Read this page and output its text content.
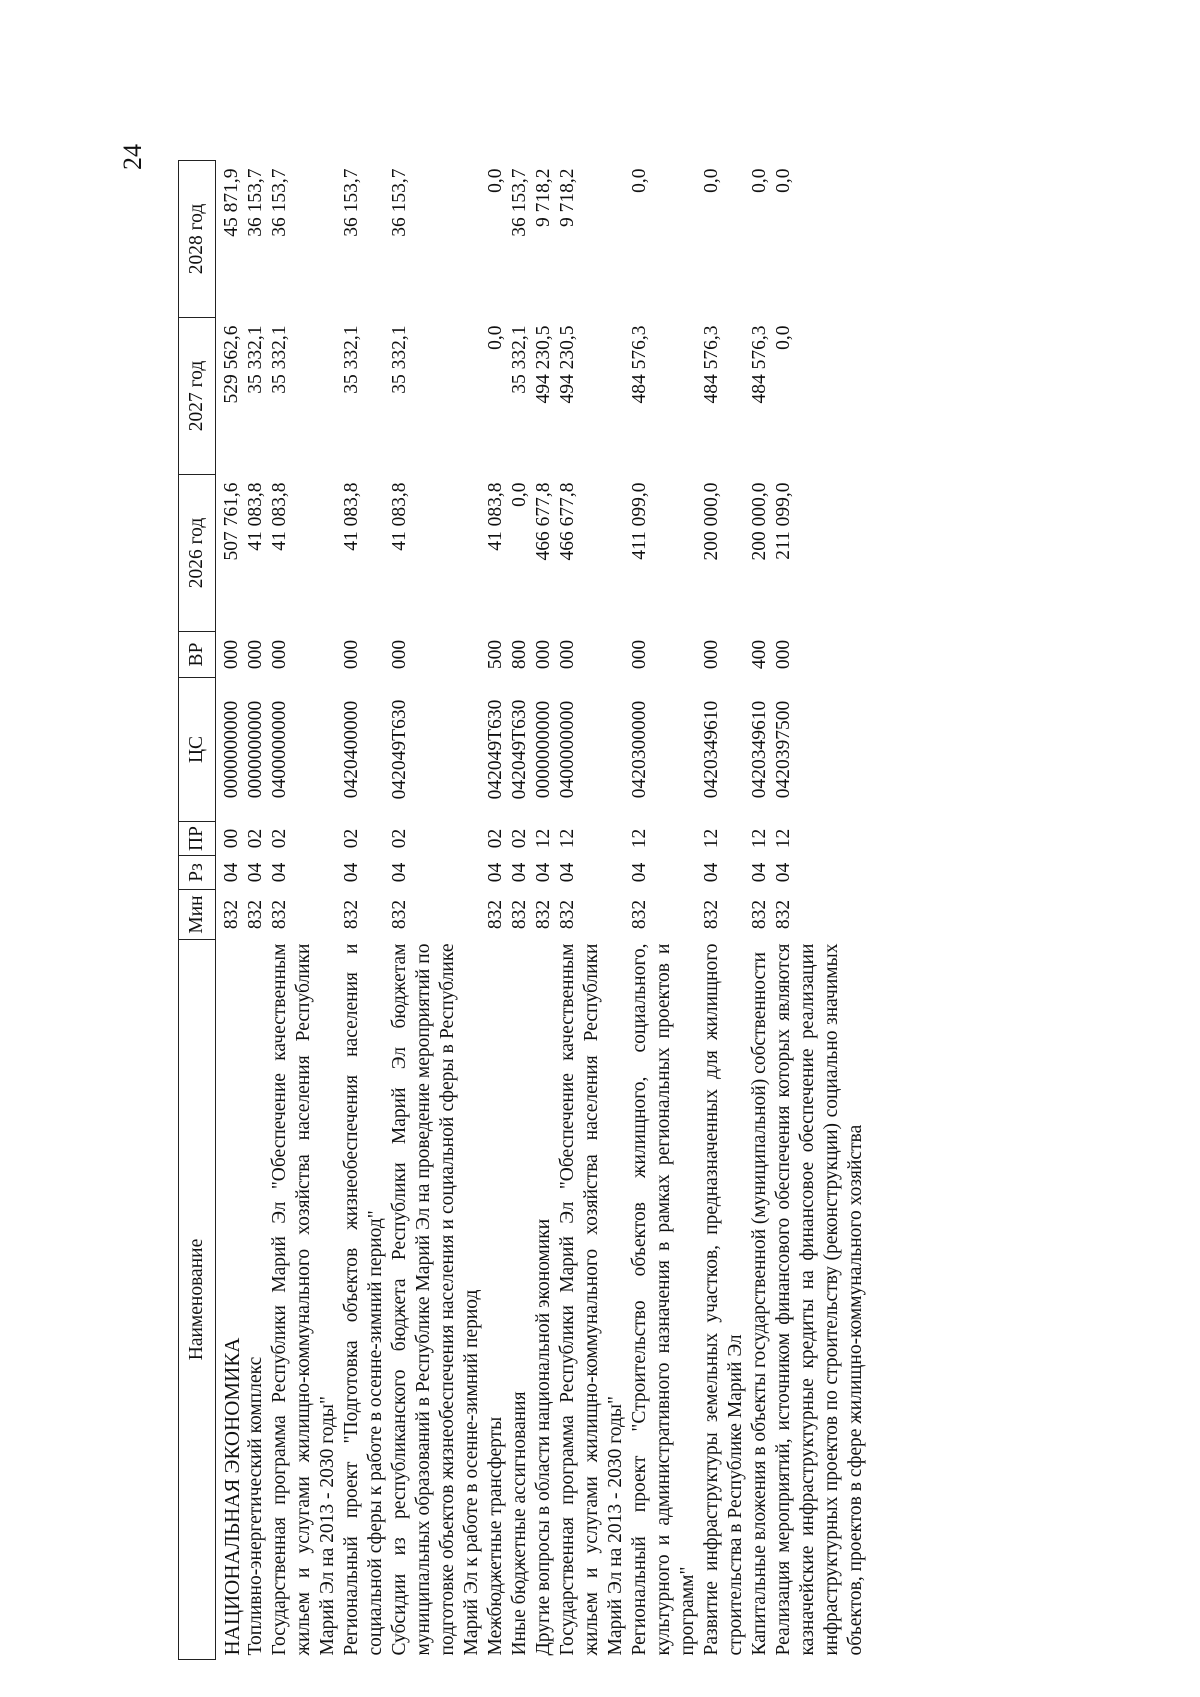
24
Наименование	Мин	Рз	ПР	ЦС	ВР	2026 год	2027 год	2028 год
НАЦИОНАЛЬНАЯ ЭКОНОМИКА	832	04	00	0000000000	000	507 761,6	529 562,6	45 871,9
Топливно-энергетический комплекс	832	04	02	0000000000	000	41 083,8	35 332,1	36 153,7
Государственная программа Республики Марий Эл "Обеспечение качественным жильем и услугами жилищно-коммунального хозяйства населения Республики Марий Эл на 2013 - 2030 годы"	832	04	02	0400000000	000	41 083,8	35 332,1	36 153,7
Региональный проект "Подготовка объектов жизнеобеспечения населения и социальной сферы к работе в осенне-зимний период"	832	04	02	0420400000	000	41 083,8	35 332,1	36 153,7
Субсидии из республиканского бюджета Республики Марий Эл бюджетам муниципальных образований в Республике Марий Эл на проведение мероприятий по подготовке объектов жизнеобеспечения населения и социальной сферы в Республике Марий Эл к работе в осенне-зимний период	832	04	02	042049Т630	000	41 083,8	35 332,1	36 153,7
Межбюджетные трансферты	832	04	02	042049Т630	500	41 083,8	0,0	0,0
Иные бюджетные ассигнования	832	04	02	042049Т630	800	0,0	35 332,1	36 153,7
Другие вопросы в области национальной экономики	832	04	12	0000000000	000	466 677,8	494 230,5	9 718,2
Государственная программа Республики Марий Эл "Обеспечение качественным жильем и услугами жилищно-коммунального хозяйства населения Республики Марий Эл на 2013 - 2030 годы"	832	04	12	0400000000	000	466 677,8	494 230,5	9 718,2
Региональный проект "Строительство объектов жилищного, социального, культурного и административного назначения в рамках региональных проектов и программ"	832	04	12	0420300000	000	411 099,0	484 576,3	0,0
Развитие инфраструктуры земельных участков, предназначенных для жилищного строительства в Республике Марий Эл	832	04	12	0420349610	000	200 000,0	484 576,3	0,0
Капитальные вложения в объекты государственной (муниципальной) собственности	832	04	12	0420349610	400	200 000,0	484 576,3	0,0
Реализация мероприятий, источником финансового обеспечения которых являются казначейские инфраструктурные кредиты на финансовое обеспечение реализации инфраструктурных проектов по строительству (реконструкции) социально значимых объектов, проектов в сфере жилищно-коммунального хозяйства	832	04	12	0420397500	000	211 099,0	0,0	0,0
